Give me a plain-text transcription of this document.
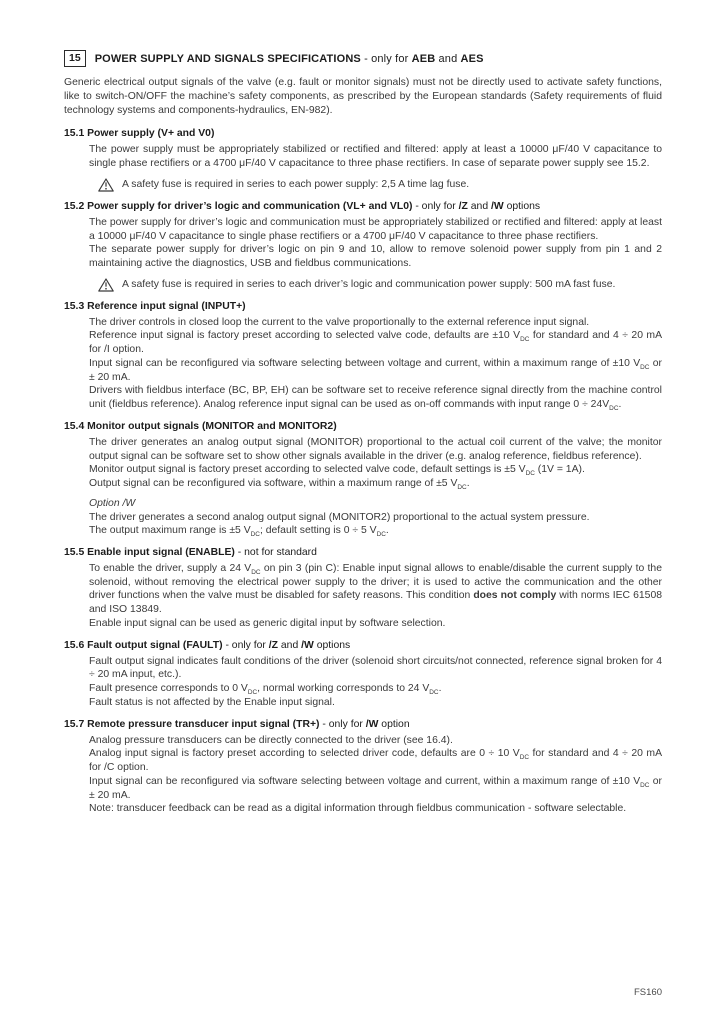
15	POWER SUPPLY AND SIGNALS SPECIFICATIONS - only for AEB and AES

Generic electrical output signals of the valve (e.g. fault or monitor signals) must not be directly used to activate safety functions, like to switch-ON/OFF the machine’s safety components, as prescribed by the European standards (Safety requirements of fluid technology systems and components-hydraulics, EN-982).

15.1 Power supply (V+ and V0)

The power supply must be appropriately stabilized or rectified and filtered: apply at least a 10000 μF/40 V capacitance to single phase rectifiers or a 4700 μF/40 V capacitance to three phase rectifiers. In case of separate power supply see 15.2.

A safety fuse is required in series to each power supply: 2,5 A time lag fuse.
15.2 Power supply for driver’s logic and communication (VL+ and VL0) - only for /Z and /W options

The power supply for driver’s logic and communication must be appropriately stabilized or rectified and filtered: apply at least a 10000 μF/40 V capacitance to single phase rectifiers or a 4700 μF/40 V capacitance to three phase rectifiers.

The separate power supply for driver’s logic on pin 9 and 10, allow to remove solenoid power supply from pin 1 and 2 maintaining active the diagnostics, USB and fieldbus communications.

A safety fuse is required in series to each driver’s logic and communication power supply: 500 mA fast fuse.
15.3 Reference input signal (INPUT+)

The driver controls in closed loop the current to the valve proportionally to the external reference input signal.

Reference input signal is factory preset according to selected valve code, defaults are ±10 $V_{DC}$ for standard and 4 ÷ 20 mA for /I option.

Input signal can be reconfigured via software selecting between voltage and current, within a maximum range of ±10 $V_{DC}$ or ± 20 mA.

Drivers with fieldbus interface (BC, BP, EH) can be software set to receive reference signal directly from the machine control unit (fieldbus reference). Analog reference input signal can be used as on-off commands with input range $0 \div 24V_{DC}$.

15.4 Monitor output signals (MONITOR and MONITOR2)

The driver generates an analog output signal (MONITOR) proportional to the actual coil current of the valve; the monitor output signal can be software set to show other signals available in the driver (e.g. analog reference, fieldbus reference).

Monitor output signal is factory preset according to selected valve code, default settings is ±5 $V_{DC}$ (1V = 1A).

Output signal can be reconfigured via software, within a maximum range of ±5 $V_{DC}$.

Option /W

The driver generates a second analog output signal (MONITOR2) proportional to the actual system pressure.

The output maximum range is ±5 $V_{DC}$; default setting is 0 ÷ 5 $V_{DC}$.

15.5 Enable input signal (ENABLE) - not for standard

To enable the driver, supply a 24 $V_{DC}$ on pin 3 (pin C): Enable input signal allows to enable/disable the current supply to the solenoid, without removing the electrical power supply to the driver; it is used to active the communication and the other driver functions when the valve must be disabled for safety reasons. This condition does not comply with norms IEC 61508 and ISO 13849.

Enable input signal can be used as generic digital input by software selection.

15.6 Fault output signal (FAULT) - only for /Z and /W options

Fault output signal indicates fault conditions of the driver (solenoid short circuits/not connected, reference signal broken for 4 ÷ 20 mA input, etc.).

Fault presence corresponds to 0 $V_{DC}$, normal working corresponds to 24 $V_{DC}$.

Fault status is not affected by the Enable input signal.

15.7 Remote pressure transducer input signal (TR+) - only for /W option

Analog pressure transducers can be directly connected to the driver (see 16.4).

Analog input signal is factory preset according to selected driver code, defaults are 0 ÷ 10 $V_{DC}$ for standard and 4 ÷ 20 mA for /C option.

Input signal can be reconfigured via software selecting between voltage and current, within a maximum range of ±10 $V_{DC}$ or ± 20 mA.

Note: transducer feedback can be read as a digital information through fieldbus communication - software selectable.

FS160
